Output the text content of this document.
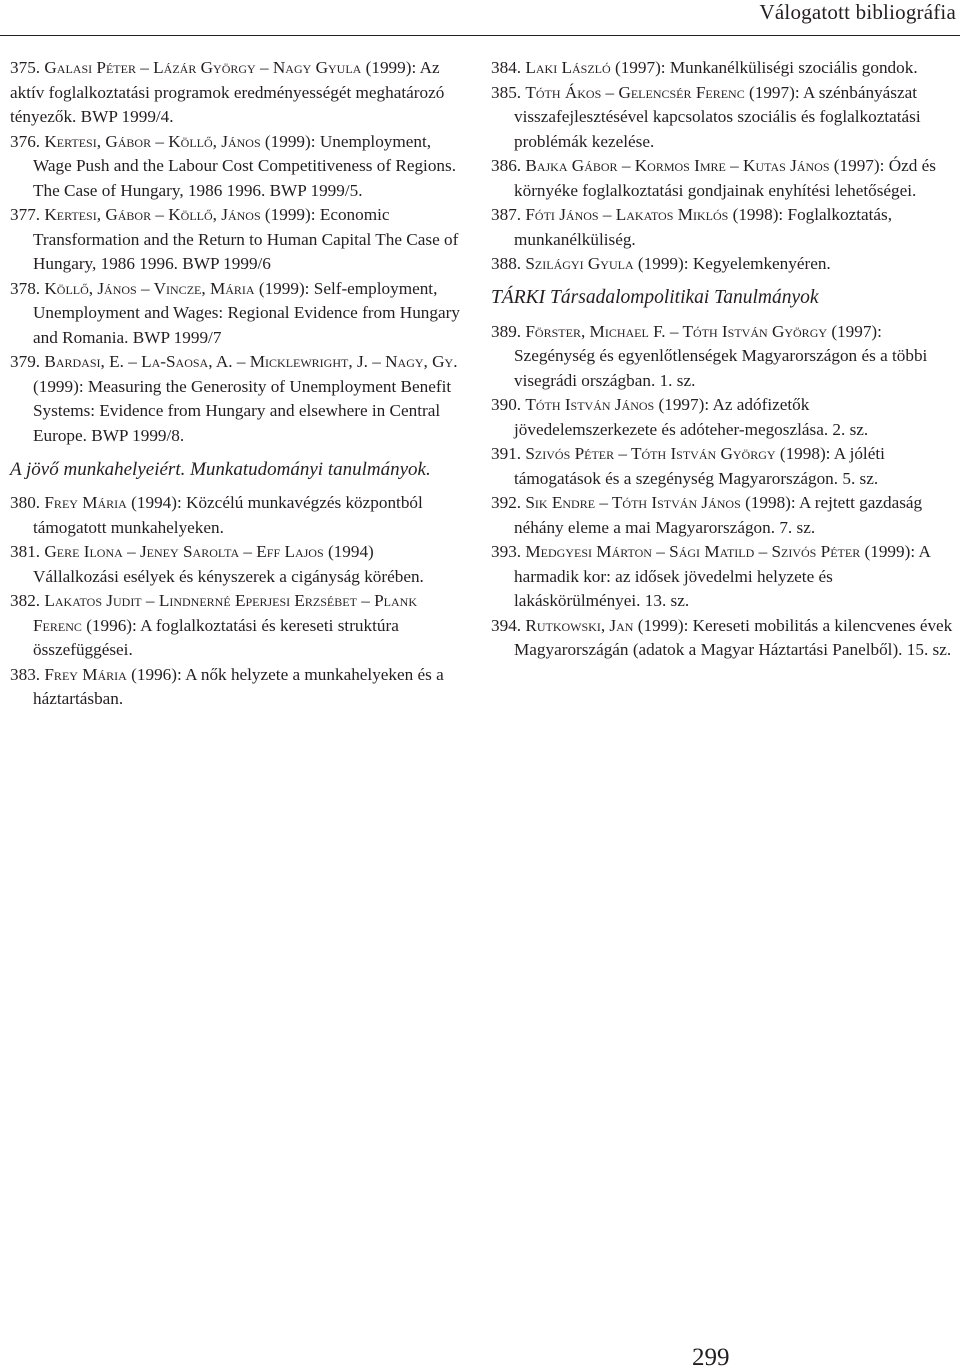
Válogatott bibliográfia
375. Galasi Péter – Lázár György – Nagy Gyula (1999): Az aktív foglalkoztatási programok eredményességét meghatározó tényezők. BWP 1999/4.
376. Kertesi, Gábor – Köllő, János (1999): Unemployment, Wage Push and the Labour Cost Competitiveness of Regions. The Case of Hungary, 1986 1996. BWP 1999/5.
377. Kertesi, Gábor – Köllő, János (1999): Economic Transformation and the Return to Human Capital The Case of Hungary, 1986 1996. BWP 1999/6
378. Köllő, János – Vincze, Mária (1999): Self-employment, Unemployment and Wages: Regional Evidence from Hungary and Romania. BWP 1999/7
379. Bardasi, E. – La-Saosa, A. – Micklewright, J. – Nagy, Gy. (1999): Measuring the Generosity of Unemployment Benefit Systems: Evidence from Hungary and elsewhere in Central Europe. BWP 1999/8.
A jövő munkahelyeiért. Munkatudományi tanulmányok.
380. Frey Mária (1994): Közcélú munkavégzés központból támogatott munkahelyeken.
381. Gere Ilona – Jeney Sarolta – Eff Lajos (1994) Vállalkozási esélyek és kényszerek a cigányság körében.
382. Lakatos Judit – Lindnerné Eperjesi Erzsébet – Plank Ferenc (1996): A foglalkoztatási és kereseti struktúra összefüggései.
383. Frey Mária (1996): A nők helyzete a munkahelyeken és a háztartásban.
384. Laki László (1997): Munkanélküliségi szociális gondok.
385. Tóth Ákos – Gelencsér Ferenc (1997): A szénbányászat visszafejlesztésével kapcsolatos szociális és foglalkoztatási problémák kezelése.
386. Bajka Gábor – Kormos Imre – Kutas János (1997): Ózd és környéke foglalkoztatási gondjainak enyhítési lehetőségei.
387. Fóti János – Lakatos Miklós (1998): Foglalkoztatás, munkanélküliség.
388. Szilágyi Gyula (1999): Kegyelemkenyéren.
TÁRKI Társadalompolitikai Tanulmányok
389. Förster, Michael F. – Tóth István György (1997): Szegénység és egyenlőtlenségek Magyarországon és a többi visegrádi országban. 1. sz.
390. Tóth István János (1997): Az adófizetők jövedelemszerkezete és adóteher-megoszlása. 2. sz.
391. Szivós Péter – Tóth István György (1998): A jóléti támogatások és a szegénység Magyarországon. 5. sz.
392. Sik Endre – Tóth István János (1998): A rejtett gazdaság néhány eleme a mai Magyarországon. 7. sz.
393. Medgyesi Márton – Sági Matild – Szivós Péter (1999): A harmadik kor: az idősek jövedelmi helyzete és lakáskörülményei. 13. sz.
394. Rutkowski, Jan (1999): Kereseti mobilitás a kilencvenes évek Magyarországán (adatok a Magyar Háztartási Panelből). 15. sz.
299
